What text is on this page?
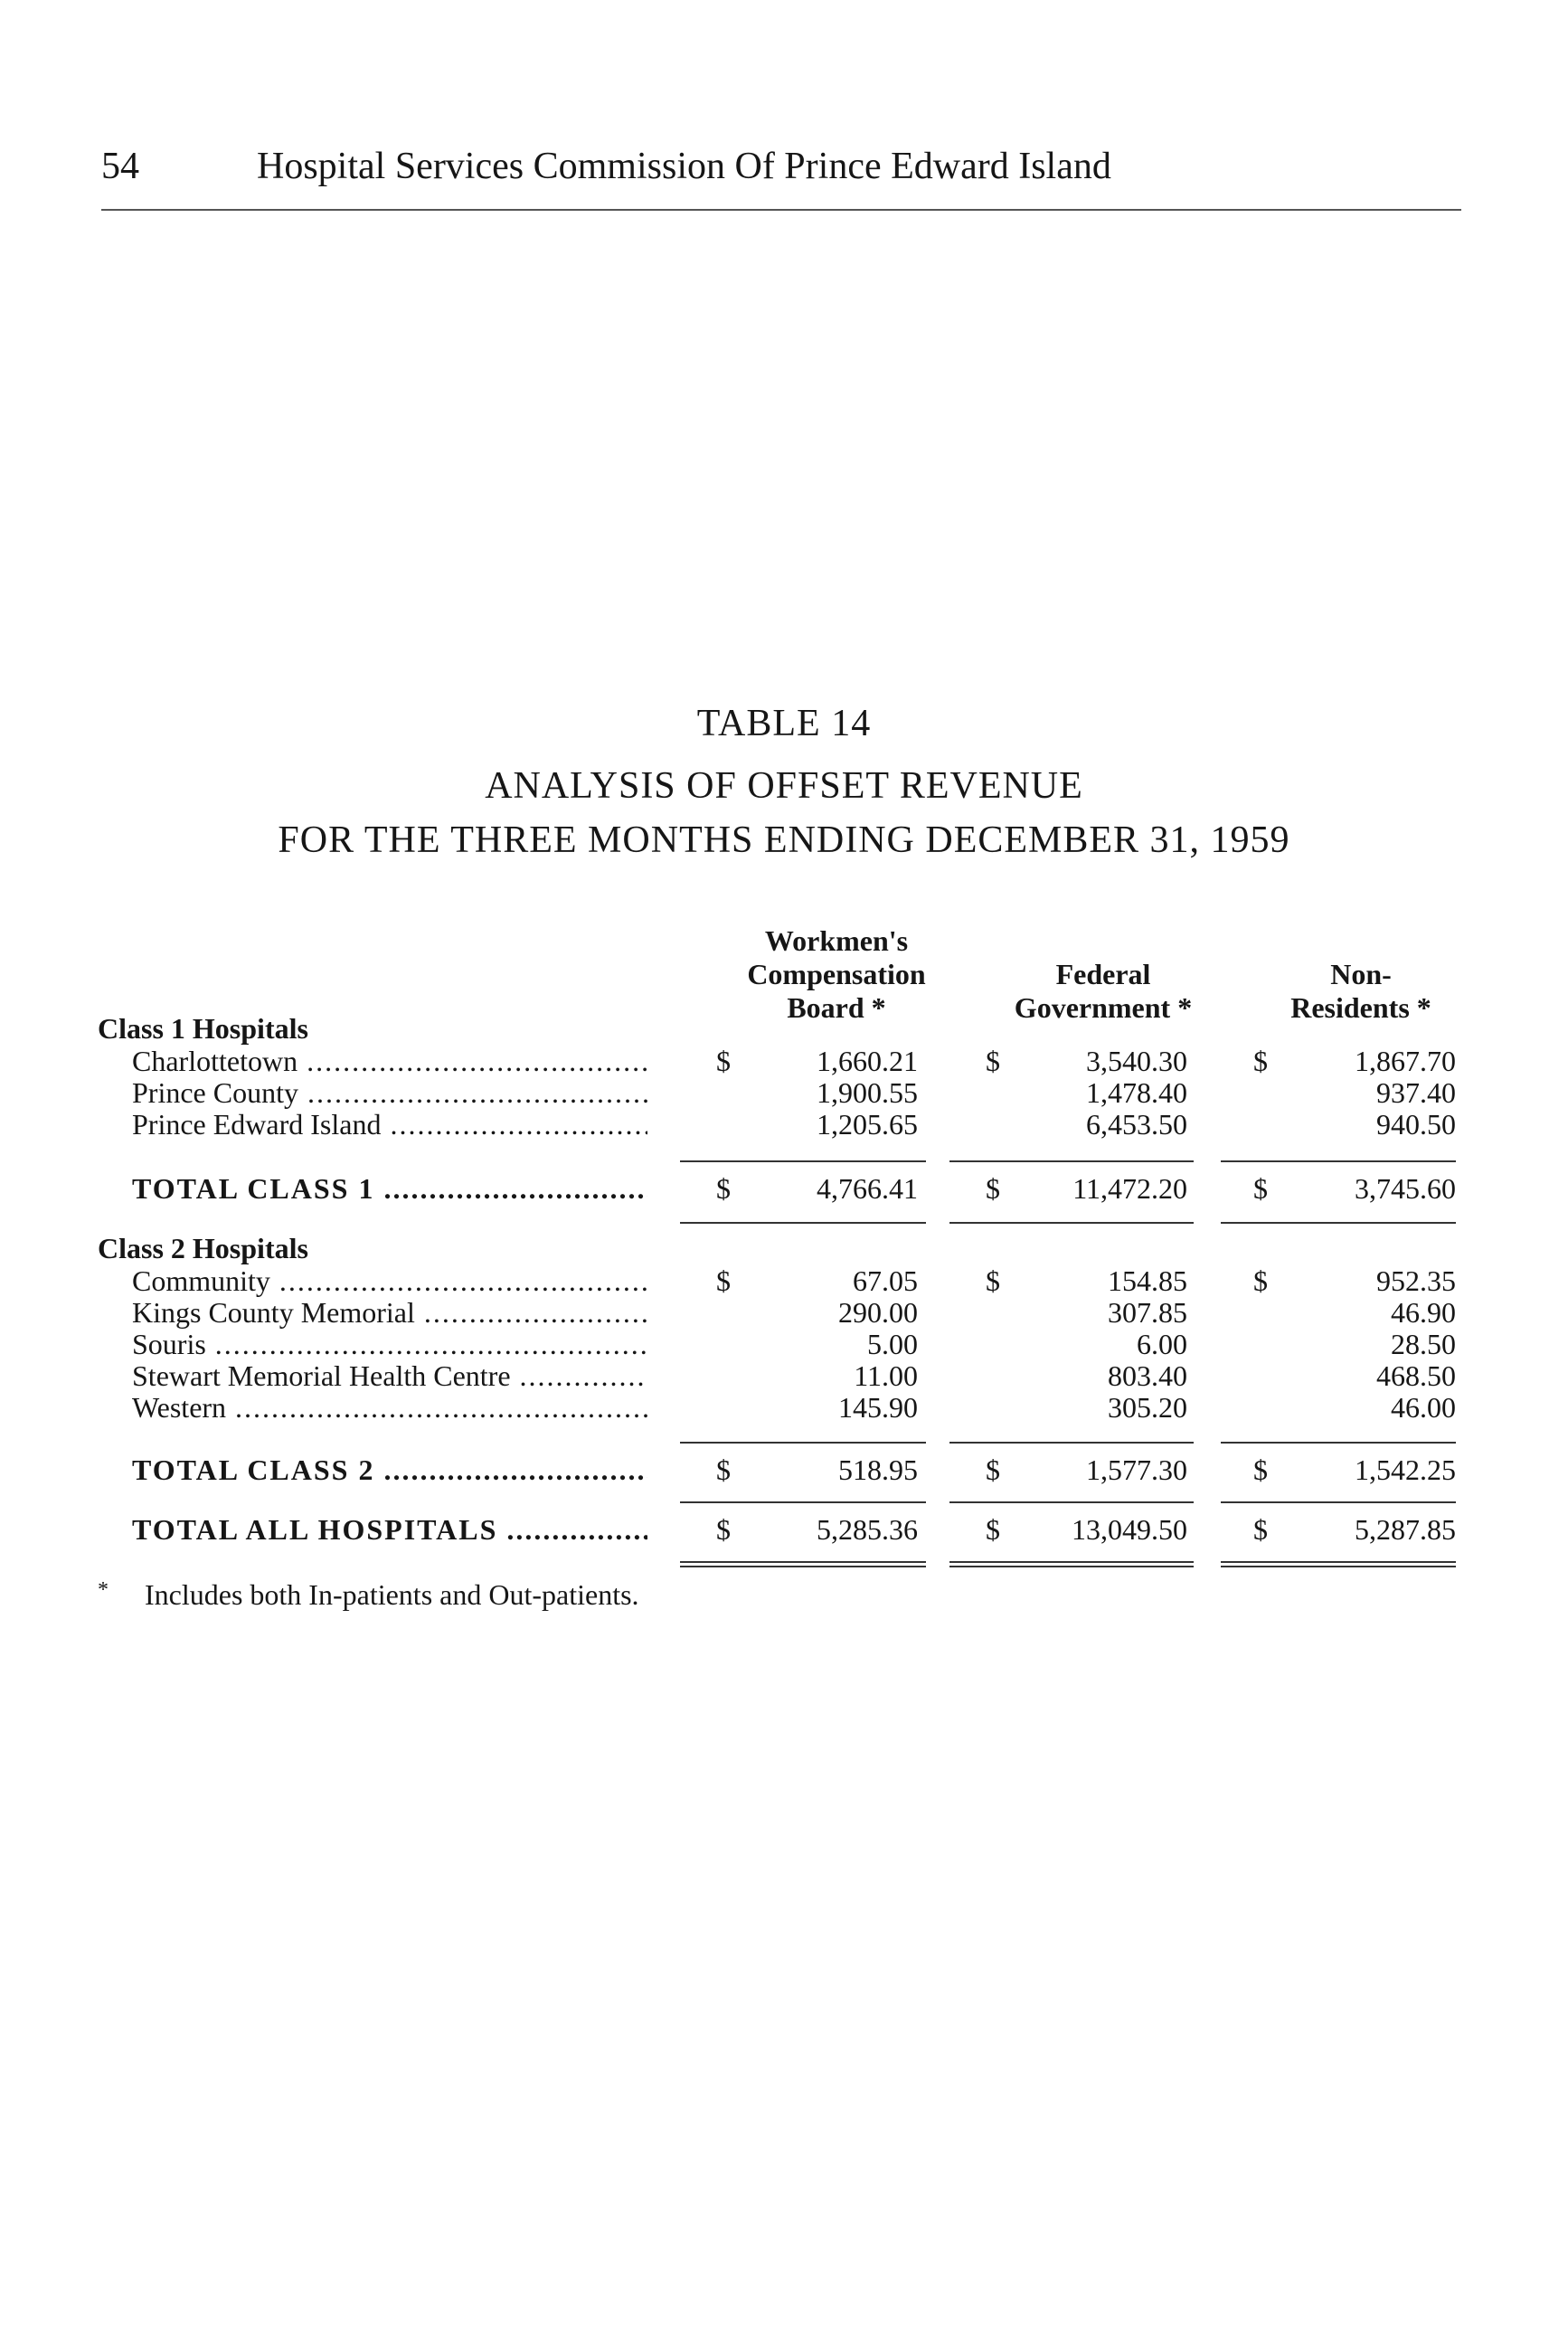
54	Hospital Services Commission Of Prince Edward Island
TABLE 14
ANALYSIS OF OFFSET REVENUE
FOR THE THREE MONTHS ENDING DECEMBER 31, 1959
Workmen's
Compensation
Board *
Federal
Government *
Non-
Residents *
Class 1 Hospitals
Charlottetown .....	$	1,660.21 $	3,540.30 $	1,867.70
Prince County .....	1,900.55	1,478.40	937.40
Prince Edward Island .....	1,205.65	6,453.50	940.50
TOTAL CLASS 1 .....	$	4,766.41 $	11,472.20 $	3,745.60
Class 2 Hospitals
Community .....	$	67.05 $	154.85 $	952.35
Kings County Memorial .....	290.00	307.85	46.90
Souris .....	5.00	6.00	28.50
Stewart Memorial Health Centre .....	11.00	803.40	468.50
Western .....	145.90	305.20	46.00
TOTAL CLASS 2 .....	$	518.95 $	1,577.30 $	1,542.25
TOTAL ALL HOSPITALS .....	$	5,285.36 $	13,049.50 $	5,287.85
* Includes both In-patients and Out-patients.
